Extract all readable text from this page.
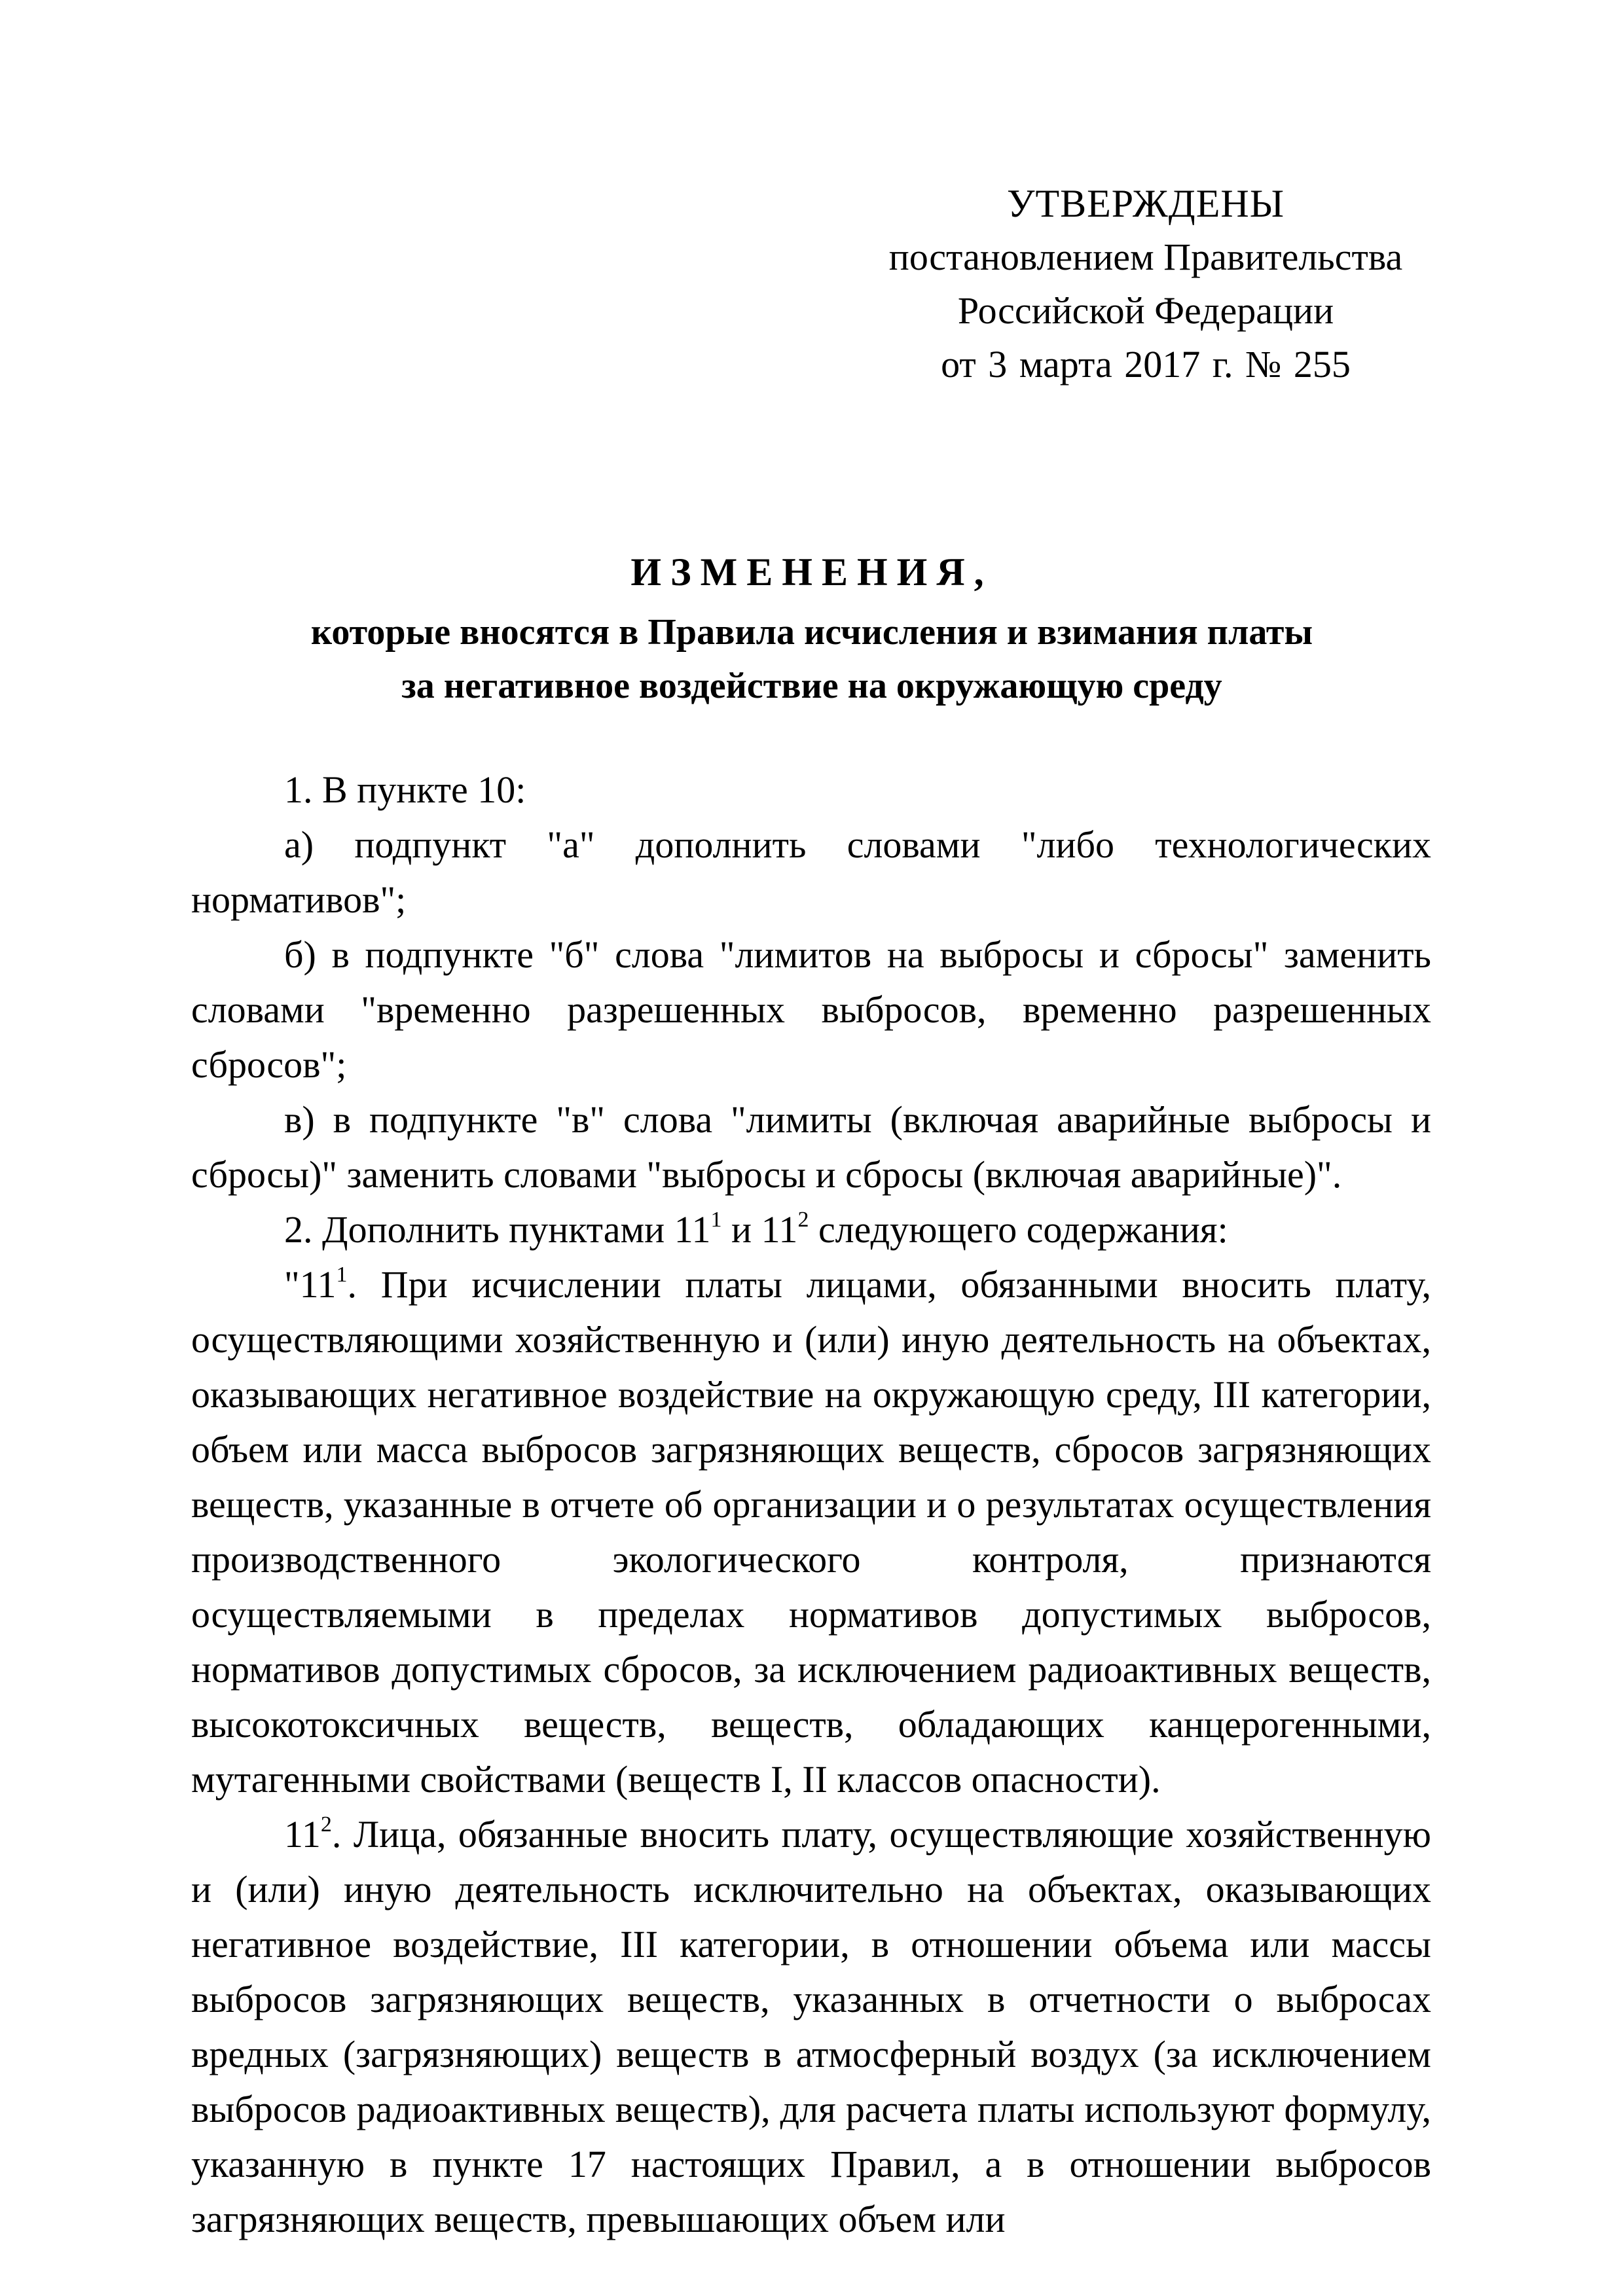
УТВЕРЖДЕНЫ
постановлением Правительства
Российской Федерации
от 3 марта 2017 г. № 255
ИЗМЕНЕНИЯ,
которые вносятся в Правила исчисления и взимания платы
за негативное воздействие на окружающую среду

1. В пункте 10:

а) подпункт "а" дополнить словами "либо технологических нормативов";

б) в подпункте "б" слова "лимитов на выбросы и сбросы" заменить словами "временно разрешенных выбросов, временно разрешенных сбросов";

в) в подпункте "в" слова "лимиты (включая аварийные выбросы и сбросы)" заменить словами "выбросы и сбросы (включая аварийные)".

2. Дополнить пунктами $11^1$ и $11^2$ следующего содержания:

"$11^1$. При исчислении платы лицами, обязанными вносить плату, осуществляющими хозяйственную и (или) иную деятельность на объектах, оказывающих негативное воздействие на окружающую среду, III категории, объем или масса выбросов загрязняющих веществ, сбросов загрязняющих веществ, указанные в отчете об организации и о результатах осуществления производственного экологического контроля, признаются осуществляемыми в пределах нормативов допустимых выбросов, нормативов допустимых сбросов, за исключением радиоактивных веществ, высокотоксичных веществ, веществ, обладающих канцерогенными, мутагенными свойствами (веществ I, II классов опасности).

$11^2$. Лица, обязанные вносить плату, осуществляющие хозяйственную и (или) иную деятельность исключительно на объектах, оказывающих негативное воздействие, III категории, в отношении объема или массы выбросов загрязняющих веществ, указанных в отчетности о выбросах вредных (загрязняющих) веществ в атмосферный воздух (за исключением выбросов радиоактивных веществ), для расчета платы используют формулу, указанную в пункте 17 настоящих Правил, а в отношении выбросов загрязняющих веществ, превышающих объем или
